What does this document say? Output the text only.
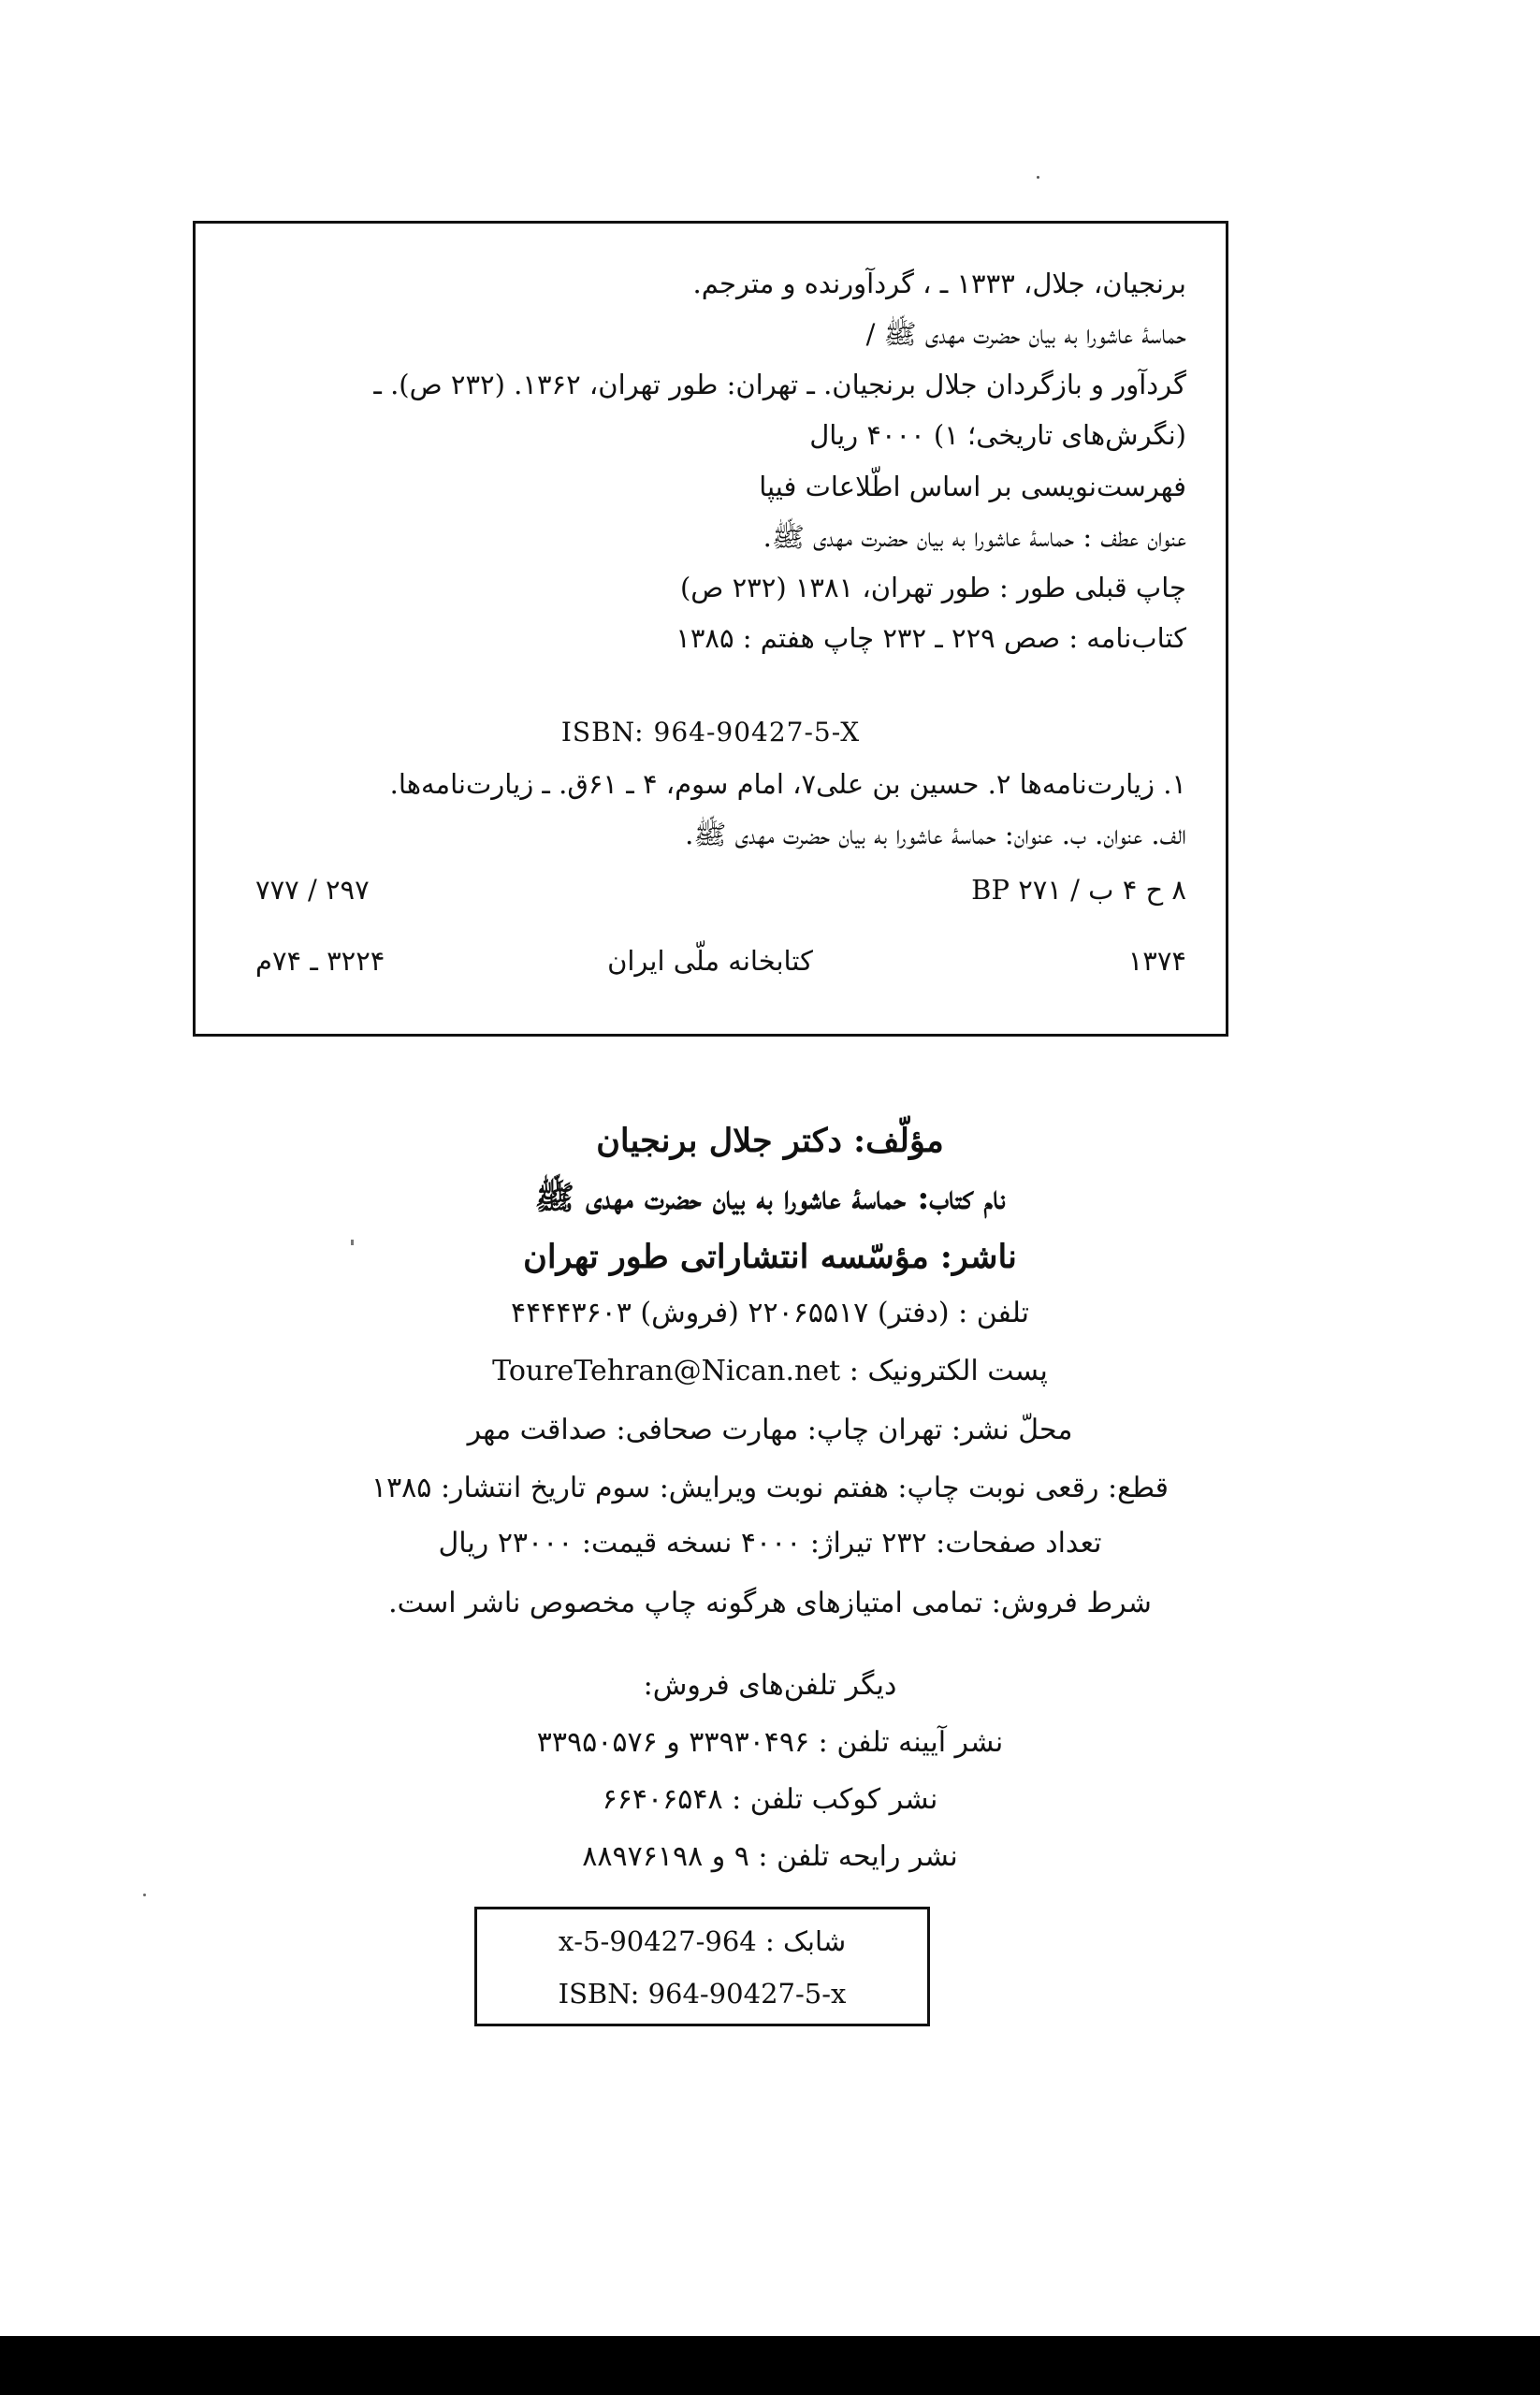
برنجیان، جلال، ۱۳۳۳ ـ ، گردآورنده و مترجم.
حماسهٔ عاشورا به بیان حضرت مهدی ﷺ /
گردآور و بازگردان جلال برنجیان. ـ تهران: طور تهران، ۱۳۶۲. (۲۳۲ ص). ـ
(نگرش‌های تاریخی؛ ۱) ۴۰۰۰ ریال
فهرست‌نویسی بر اساس اطّلاعات فیپا
عنوان عطف : حماسهٔ عاشورا به بیان حضرت مهدی ﷺ.
چاپ قبلی طور : طور تهران، ۱۳۸۱ (۲۳۲ ص)
کتاب‌نامه : صص ۲۲۹ ـ ۲۳۲ چاپ هفتم : ۱۳۸۵
ISBN: 964-90427-5-X
۱. زیارت‌نامه‌ها ۲. حسین بن علی۷، امام سوم، ۴ ـ ۶۱ق. ـ زیارت‌نامه‌ها.
الف. عنوان. ب. عنوان: حماسهٔ عاشورا به بیان حضرت مهدی ﷺ.
۲۹۷ / ۷۷۷	۸ ح ۴ ب / BP ۲۷۱
۳۲۲۴ ـ ۷۴م	کتابخانه ملّی ایران	۱۳۷۴
مؤلّف: دکتر جلال برنجیان
نام کتاب: حماسهٔ عاشورا به بیان حضرت مهدی ﷺ
ناشر: مؤسّسه انتشاراتی طور تهران
تلفن : (دفتر) ۲۲۰۶۵۵۱۷ (فروش) ۴۴۴۴۳۶۰۳
پست الکترونیک : ToureTehran@Nican.net
محلّ نشر: تهران چاپ: مهارت صحافی: صداقت مهر
قطع: رقعی نوبت چاپ: هفتم نوبت ویرایش: سوم تاریخ انتشار: ۱۳۸۵
تعداد صفحات: ۲۳۲ تیراژ: ۴۰۰۰ نسخه قیمت: ۲۳۰۰۰ ریال
شرط فروش: تمامی امتیازهای هرگونه چاپ مخصوص ناشر است.
دیگر تلفن‌های فروش:
نشر آیینه تلفن : ۳۳۹۳۰۴۹۶ و ۳۳۹۵۰۵۷۶
نشر کوکب تلفن : ۶۶۴۰۶۵۴۸
نشر رایحه تلفن : ۹ و ۸۸۹۷۶۱۹۸
شابک : 964-90427-5-x
ISBN: 964-90427-5-x
